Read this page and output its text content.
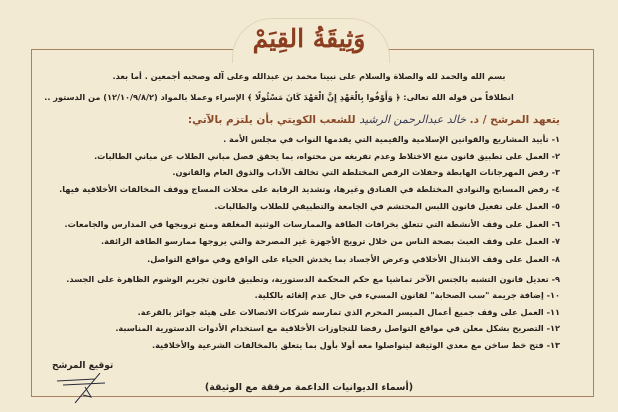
وَثِيقَةُ القِيَمْ
بسم الله والحمد لله والصلاة والسلام على نبينا محمد بن عبدالله وعلى آله وصحبه أجمعين . أما بعد.
انطلاقاً من قوله الله تعالى: ﴿ وَأَوْفُوا بِالْعَهْدِ إِنَّ الْعَهْدَ كَانَ مَسْئُولًا ﴾ الإسراء وعملا بالمواد (١٢/١٠/٩/٨/٢) من الدستور ..
يتعهد المرشح / د. خالد عبدالرحمن الرشيد للشعب الكويتي بأن يلتزم بالآتي:
١- تأييد المشاريع والقوانين الإسلامية والقيمية التي يقدمها النواب في مجلس الأمة .
٢- العمل على تطبيق قانون منع الاختلاط وعدم تفريغه من محتواه، بما يحقق فصل مباني الطلاب عن مباني الطالبات.
٣- رفض المهرجانات الهابطة وحفلات الرقص المختلطة التي تخالف الآداب والذوق العام والقانون.
٤- رفض المسابح والنوادي المختلطة في الفنادق وغيرها، وتشديد الرقابة على محلات المساج ووقف المخالفات الأخلاقية فيها.
٥- العمل على تفعيل قانون اللبس المحتشم في الجامعة والتطبيقي للطلاب والطالبات.
٦- العمل على وقف الأنشطة التي تتعلق بخرافات الطاقة والممارسات الوثنية المغلفة ومنع ترويجها في المدارس والجامعات.
٧- العمل على وقف العبث بصحة الناس من خلال ترويج الأجهزة غير المصرحة والتي يروجها ممارسو الطاقة الزائفة.
٨- العمل على وقف الابتذال الأخلاقي وعرض الأجساد بما يخدش الحياء على الواقع وفي مواقع التواصل.
٩- تعديل قانون التشبه بالجنس الآخر تماشيا مع حكم المحكمة الدستورية، وتطبيق قانون تجريم الوشوم الظاهرة على الجسد.
١٠- إضافة جريمة "سب الصحابة" لقانون المسيء في حال عدم إلغائه بالكلية.
١١- العمل على وقف جميع أعمال الميسر المحرم الذي تمارسه شركات الاتصالات على هيئة جوائز بالقرعة.
١٢- التصريح بشكل معلن في مواقع التواصل رفضا للتجاوزات الأخلاقية مع استخدام الأدوات الدستورية المناسبة.
١٣- فتح خط ساخن مع معدي الوثيقة ليتواصلوا معه أولا بأول بما يتعلق بالمخالفات الشرعية والأخلاقية.
توقيع المرشح
(أسماء الديوانيات الداعمة مرفقة مع الوثيقة)
